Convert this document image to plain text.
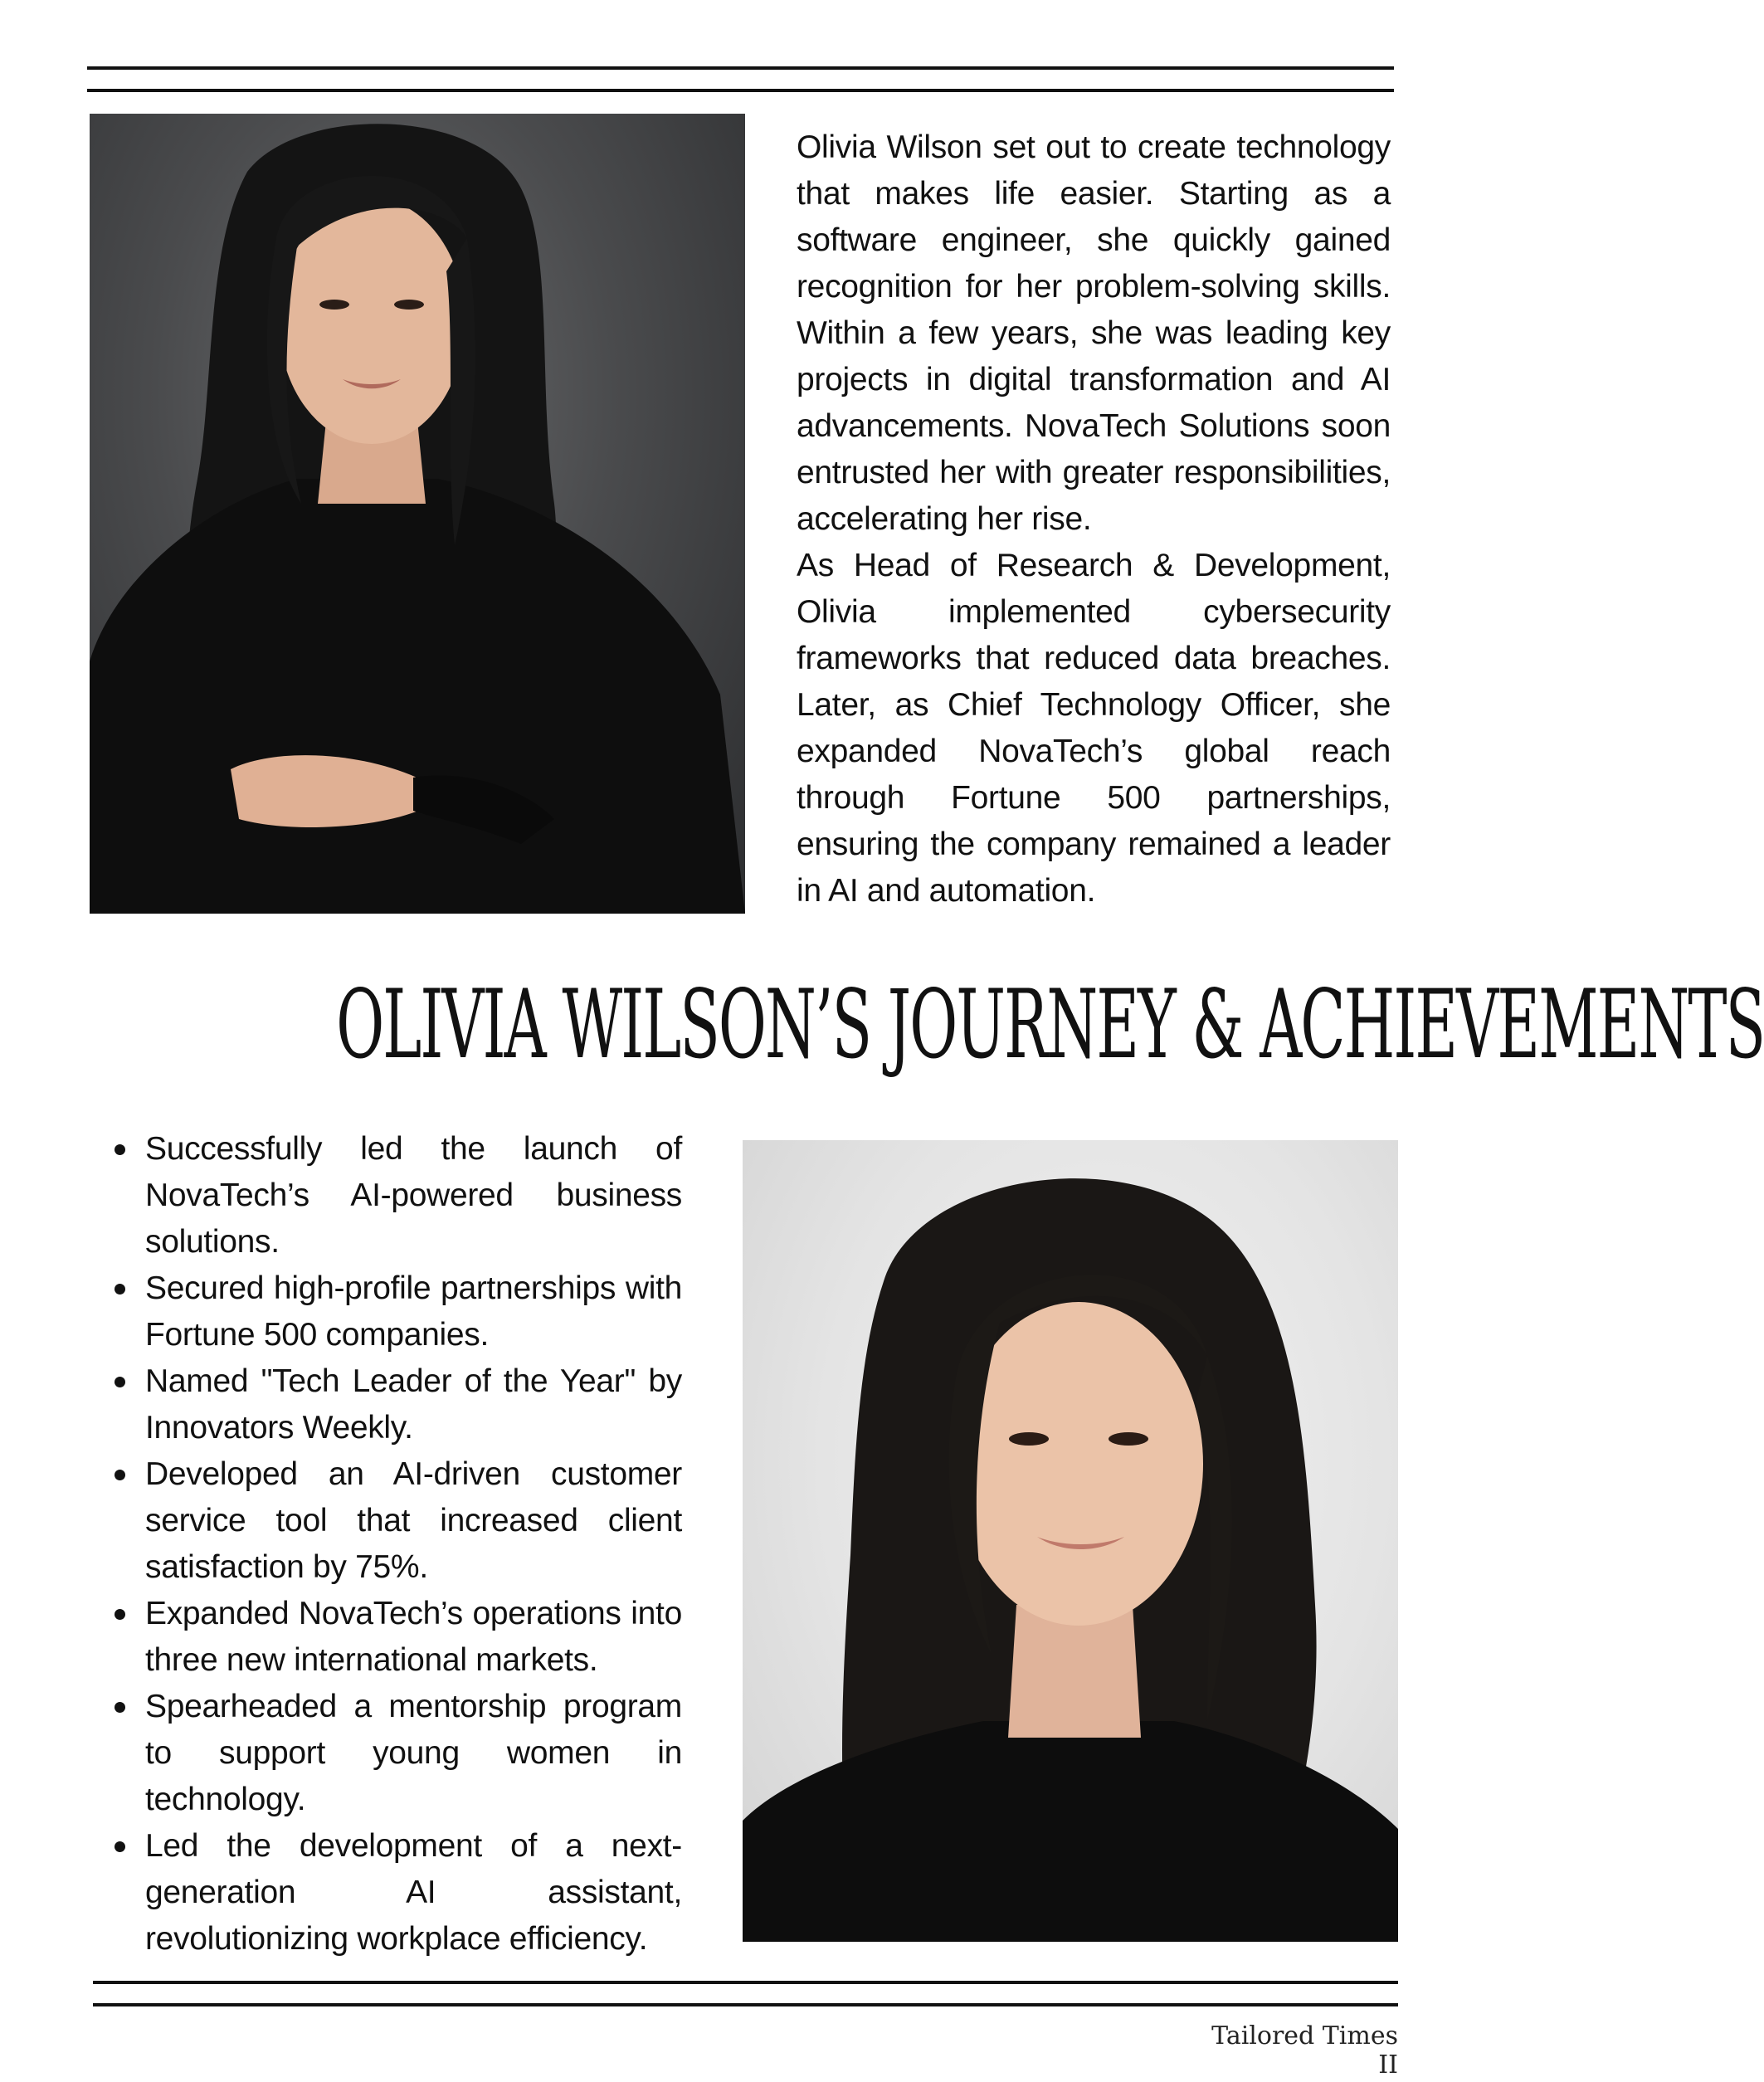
Olivia Wilson set out to create technology that makes life easier. Starting as a software engineer, she quickly gained recognition for her problem-solving skills. Within a few years, she was leading key projects in digital transformation and AI advancements. NovaTech Solutions soon entrusted her with greater responsibilities, accelerating her rise.

As Head of Research & Development, Olivia implemented cybersecurity frameworks that reduced data breaches. Later, as Chief Technology Officer, she expanded NovaTech’s global reach through Fortune 500 partnerships, ensuring the company remained a leader in AI and automation.

OLIVIA WILSON’S JOURNEY & ACHIEVEMENTS
Successfully led the launch of NovaTech’s AI-powered business solutions.
Secured high-profile partnerships with Fortune 500 companies.
Named "Tech Leader of the Year" by Innovators Weekly.
Developed an AI-driven customer service tool that increased client satisfaction by 75%.
Expanded NovaTech’s operations into three new international markets.
Spearheaded a mentorship program to support young women in technology.
Led the development of a next-generation AI assistant, revolutionizing workplace efficiency.
Tailored Times II
